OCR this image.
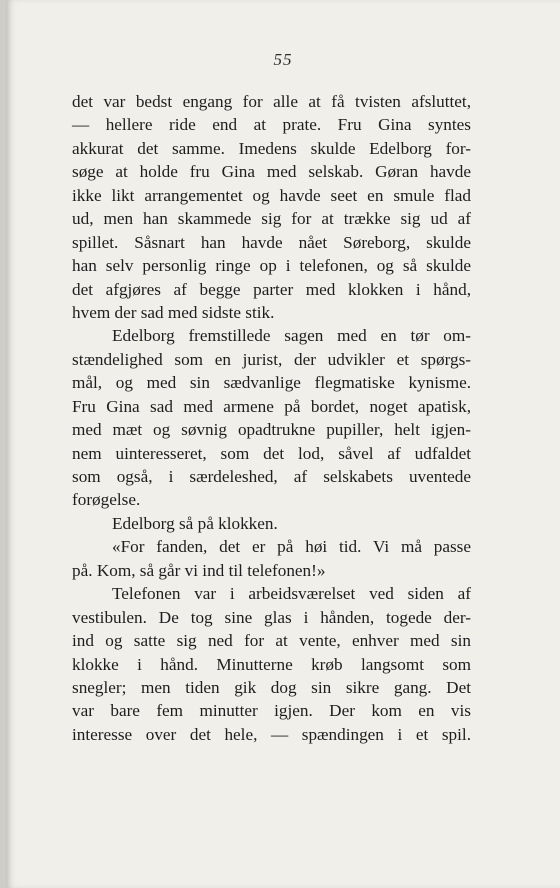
55
det var bedst engang for alle at få tvisten afsluttet,
— hellere ride end at prate. Fru Gina syntes
akkurat det samme. Imedens skulde Edelborg for-
søge at holde fru Gina med selskab. Gøran havde
ikke likt arrangementet og havde seet en smule flad
ud, men han skammede sig for at trække sig ud af
spillet. Såsnart han havde nået Søreborg, skulde
han selv personlig ringe op i telefonen, og så skulde
det afgjøres af begge parter med klokken i hånd,
hvem der sad med sidste stik.
Edelborg fremstillede sagen med en tør om-
stændelighed som en jurist, der udvikler et spørgs-
mål, og med sin sædvanlige flegmatiske kynisme.
Fru Gina sad med armene på bordet, noget apatisk,
med mæt og søvnig opadtrukne pupiller, helt igjen-
nem uinteresseret, som det lod, såvel af udfaldet
som også, i særdeleshed, af selskabets uventede
forøgelse.
Edelborg så på klokken.
«For fanden, det er på høi tid. Vi må passe
på. Kom, så går vi ind til telefonen!»
Telefonen var i arbeidsværelset ved siden af
vestibulen. De tog sine glas i hånden, togede der-
ind og satte sig ned for at vente, enhver med sin
klokke i hånd. Minutterne krøb langsomt som
snegler; men tiden gik dog sin sikre gang. Det
var bare fem minutter igjen. Der kom en vis
interesse over det hele, — spændingen i et spil.
